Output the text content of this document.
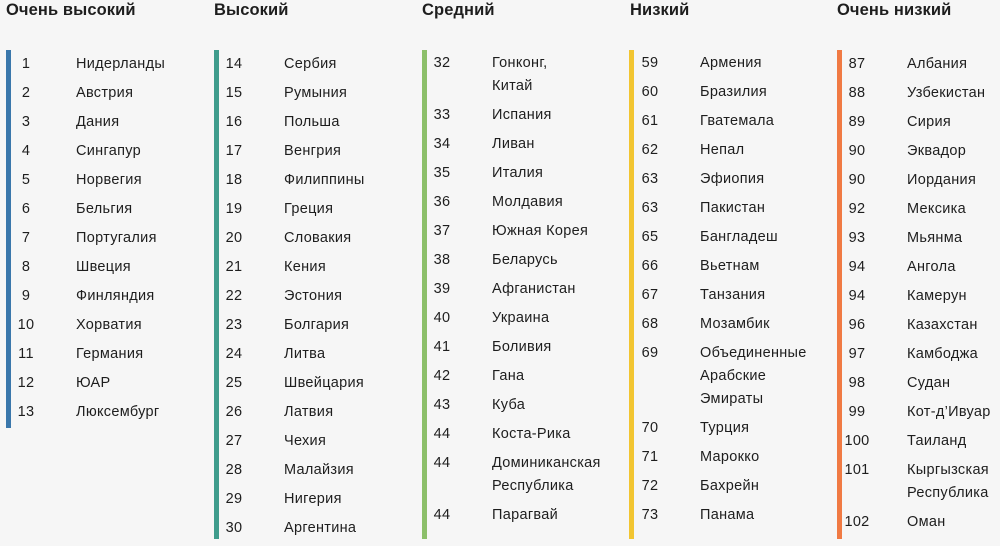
Очень высокий
1	Нидерланды
2	Австрия
3	Дания
4	Сингапур
5	Норвегия
6	Бельгия
7	Португалия
8	Швеция
9	Финляндия
10	Хорватия
11	Германия
12	ЮАР
13	Люксембург
Высокий
14	Сербия
15	Румыния
16	Польша
17	Венгрия
18	Филиппины
19	Греция
20	Словакия
21	Кения
22	Эстония
23	Болгария
24	Литва
25	Швейцария
26	Латвия
27	Чехия
28	Малайзия
29	Нигерия
30	Аргентина
Средний
32	Гонконг,
Китай
33	Испания
34	Ливан
35	Италия
36	Молдавия
37	Южная Корея
38	Беларусь
39	Афганистан
40	Украина
41	Боливия
42	Гана
43	Куба
44	Коста-Рика
44	Доминиканская
Республика
44	Парагвай
Низкий
59	Армения
60	Бразилия
61	Гватемала
62	Непал
63	Эфиопия
63	Пакистан
65	Бангладеш
66	Вьетнам
67	Танзания
68	Мозамбик
69	Объединенные
Арабские
Эмираты
70	Турция
71	Марокко
72	Бахрейн
73	Панама
Очень низкий
87	Албания
88	Узбекистан
89	Сирия
90	Эквадор
90	Иордания
92	Мексика
93	Мьянма
94	Ангола
94	Камерун
96	Казахстан
97	Камбоджа
98	Судан
99	Кот-д’Ивуар
100	Таиланд
101	Кыргызская
Республика
102	Оман
